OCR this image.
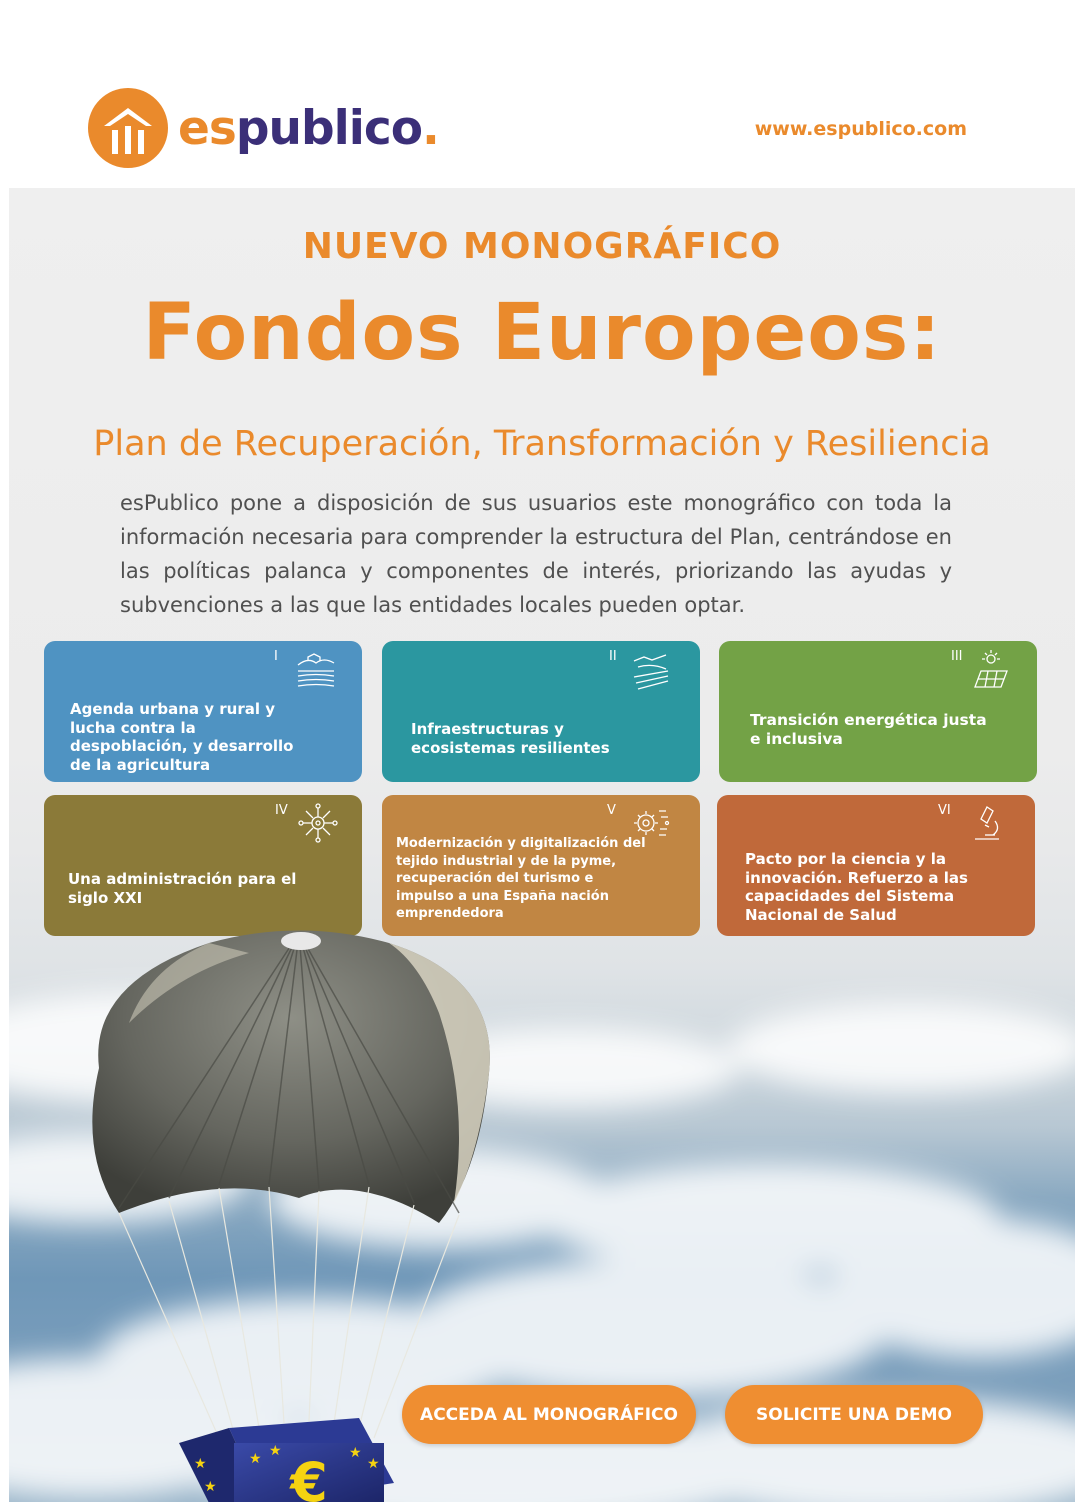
espublico.	www.espublico.com
NUEVO MONOGRÁFICO
Fondos Europeos:
Plan de Recuperación, Transformación y Resiliencia
esPublico pone a disposición de sus usuarios este monográfico con toda la información necesaria para comprender la estructura del Plan, centrándose en las políticas palanca y componentes de interés, priorizando las ayudas y subvenciones a las que las entidades locales pueden optar.
I
Agenda urbana y rural y lucha contra la despoblación, y desarrollo de la agricultura
II
Infraestructuras y ecosistemas resilientes
III
Transición energética justa e inclusiva
IV
Una administración para el siglo XXI
V
Modernización y digitalización del tejido industrial y de la pyme, recuperación del turismo e impulso a una España nación emprendedora
VI
Pacto por la ciencia y la innovación. Refuerzo a las capacidades del Sistema Nacional de Salud
€
★ ★	★
★
★
★
ACCEDA AL MONOGRÁFICO	SOLICITE UNA DEMO
